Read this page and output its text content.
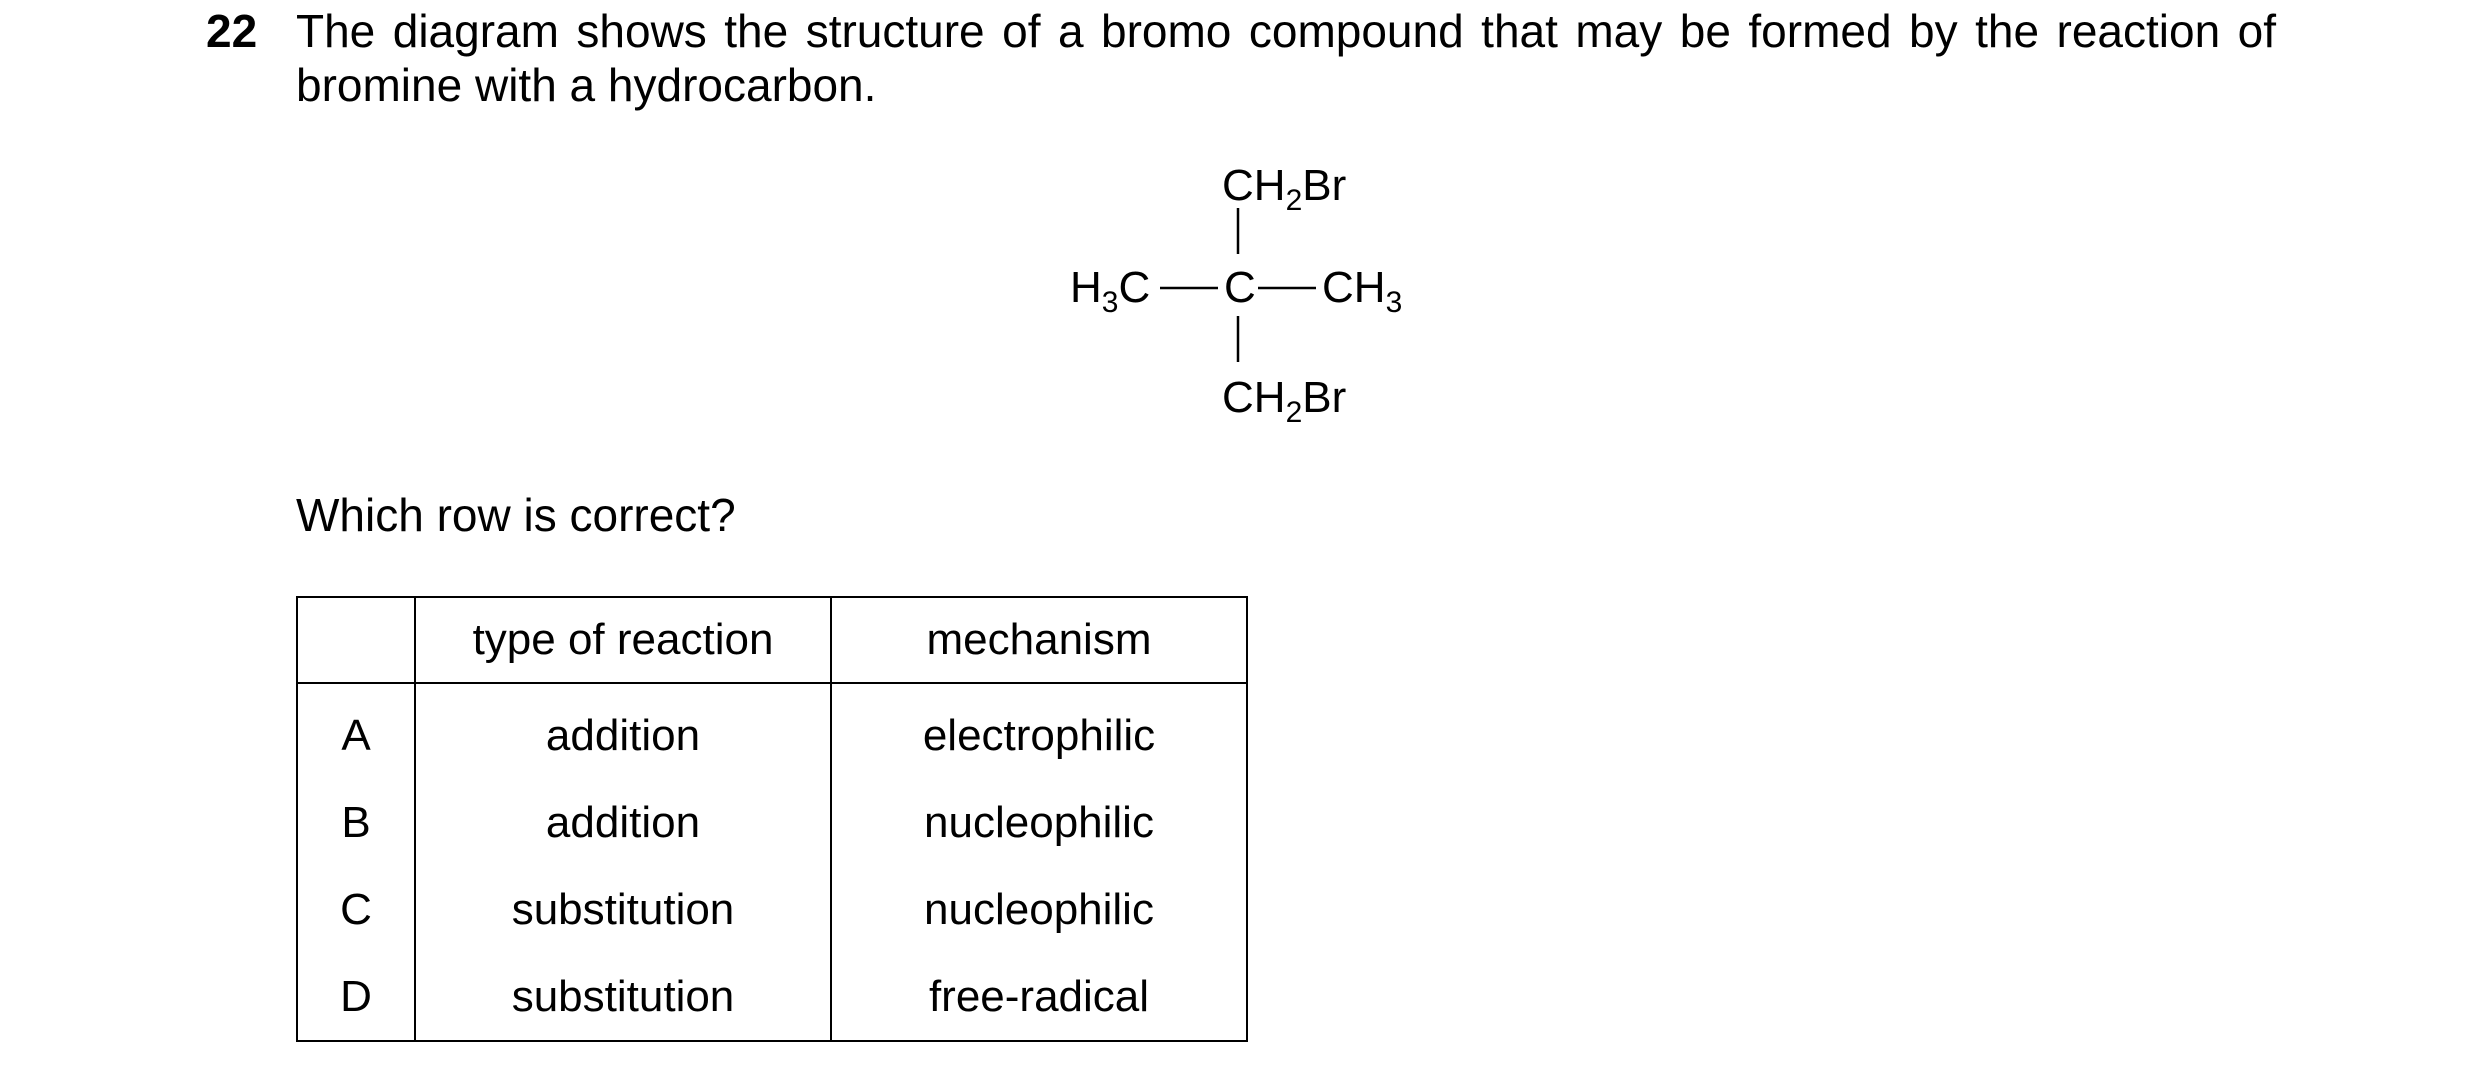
22 The diagram shows the structure of a bromo compound that may be formed by the reaction of bromine with a hydrocarbon.
$CH_2Br$
$H_3C$ C $CH_3$
$CH_2Br$
Which row is correct?
	type of reaction	mechanism
A	addition	electrophilic
B	addition	nucleophilic
C	substitution	nucleophilic
D	substitution	free-radical
